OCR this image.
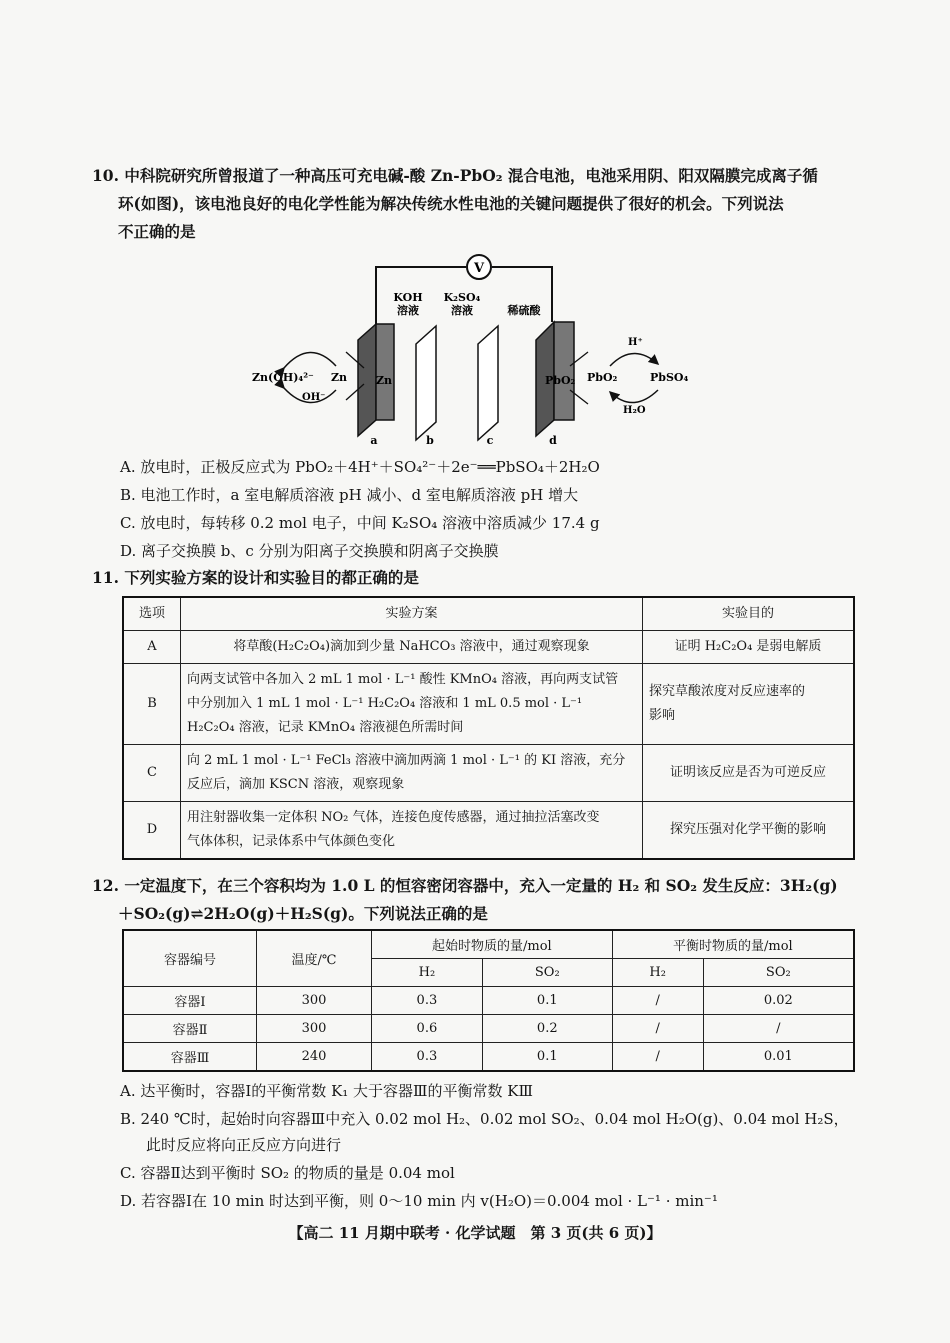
10. 中科院研究所曾报道了一种高压可充电碱-酸 Zn-PbO₂ 混合电池，电池采用阴、阳双隔膜完成离子循

环(如图)，该电池良好的电化学性能为解决传统水性电池的关键问题提供了很好的机会。下列说法
不正确的是
V
KOH
溶液
K₂SO₄
溶液	稀硫酸
Zn	PbO₂
Zn(OH)₄²⁻ Zn
OH⁻
PbO₂	PbSO₄
H⁺
H₂O
a	b	c	d
A. 放电时，正极反应式为 PbO₂＋4H⁺＋SO₄²⁻＋2e⁻══PbSO₄＋2H₂O
B. 电池工作时，a 室电解质溶液 pH 减小、d 室电解质溶液 pH 增大
C. 放电时，每转移 0.2 mol 电子，中间 K₂SO₄ 溶液中溶质减少 17.4 g
D. 离子交换膜 b、c 分别为阳离子交换膜和阴离子交换膜
11. 下列实验方案的设计和实验目的都正确的是
选项	实验方案	实验目的
A	将草酸(H₂C₂O₄)滴加到少量 NaHCO₃ 溶液中，通过观察现象	证明 H₂C₂O₄ 是弱电解质
B	向两支试管中各加入 2 mL 1 mol · L⁻¹ 酸性 KMnO₄ 溶液，再向两支试管
中分别加入 1 mL 1 mol · L⁻¹ H₂C₂O₄ 溶液和 1 mL 0.5 mol · L⁻¹
H₂C₂O₄ 溶液，记录 KMnO₄ 溶液褪色所需时间	探究草酸浓度对反应速率的
影响
C	向 2 mL 1 mol · L⁻¹ FeCl₃ 溶液中滴加两滴 1 mol · L⁻¹ 的 KI 溶液，充分
反应后，滴加 KSCN 溶液，观察现象	证明该反应是否为可逆反应
D	用注射器收集一定体积 NO₂ 气体，连接色度传感器，通过抽拉活塞改变
气体体积，记录体系中气体颜色变化	探究压强对化学平衡的影响
12. 一定温度下，在三个容积均为 1.0 L 的恒容密闭容器中，充入一定量的 H₂ 和 SO₂ 发生反应：3H₂(g)

＋SO₂(g)⇌2H₂O(g)＋H₂S(g)。下列说法正确的是
容器编号	温度/℃	起始时物质的量/mol		平衡时物质的量/mol	
		H₂	SO₂	H₂	SO₂
容器Ⅰ	300	0.3	0.1	/	0.02
容器Ⅱ	300	0.6	0.2	/	/
容器Ⅲ	240	0.3	0.1	/	0.01
A. 达平衡时，容器Ⅰ的平衡常数 K₁ 大于容器Ⅲ的平衡常数 KⅢ
B. 240 ℃时，起始时向容器Ⅲ中充入 0.02 mol H₂、0.02 mol SO₂、0.04 mol H₂O(g)、0.04 mol H₂S，
此时反应将向正反应方向进行
C. 容器Ⅱ达到平衡时 SO₂ 的物质的量是 0.04 mol
D. 若容器Ⅰ在 10 min 时达到平衡，则 0～10 min 内 v(H₂O)＝0.004 mol · L⁻¹ · min⁻¹
【高二 11 月期中联考 · 化学试题　第 3 页(共 6 页)】
